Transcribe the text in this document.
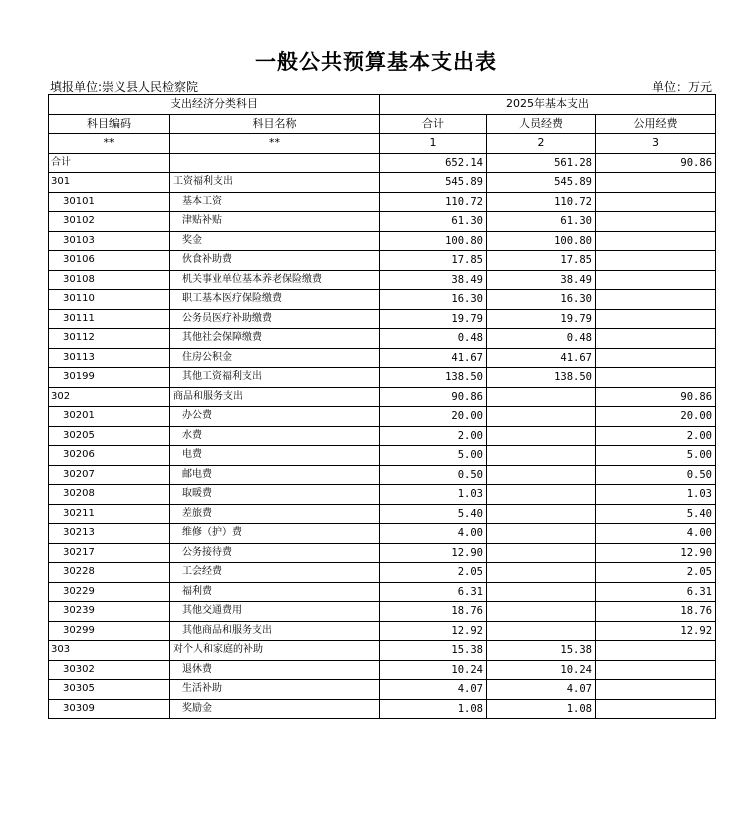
一般公共预算基本支出表
填报单位:崇义县人民检察院	单位：万元
支出经济分类科目		2025年基本支出		
科目编码	科目名称	合计	人员经费	公用经费
**	**	1	2	3
合计		652.14	561.28	90.86
301	工资福利支出	545.89	545.89	
30101	基本工资	110.72	110.72	
30102	津贴补贴	61.30	61.30	
30103	奖金	100.80	100.80	
30106	伙食补助费	17.85	17.85	
30108	机关事业单位基本养老保险缴费	38.49	38.49	
30110	职工基本医疗保险缴费	16.30	16.30	
30111	公务员医疗补助缴费	19.79	19.79	
30112	其他社会保障缴费	0.48	0.48	
30113	住房公积金	41.67	41.67	
30199	其他工资福利支出	138.50	138.50	
302	商品和服务支出	90.86		90.86
30201	办公费	20.00		20.00
30205	水费	2.00		2.00
30206	电费	5.00		5.00
30207	邮电费	0.50		0.50
30208	取暖费	1.03		1.03
30211	差旅费	5.40		5.40
30213	维修（护）费	4.00		4.00
30217	公务接待费	12.90		12.90
30228	工会经费	2.05		2.05
30229	福利费	6.31		6.31
30239	其他交通费用	18.76		18.76
30299	其他商品和服务支出	12.92		12.92
303	对个人和家庭的补助	15.38	15.38	
30302	退休费	10.24	10.24	
30305	生活补助	4.07	4.07	
30309	奖励金	1.08	1.08	
